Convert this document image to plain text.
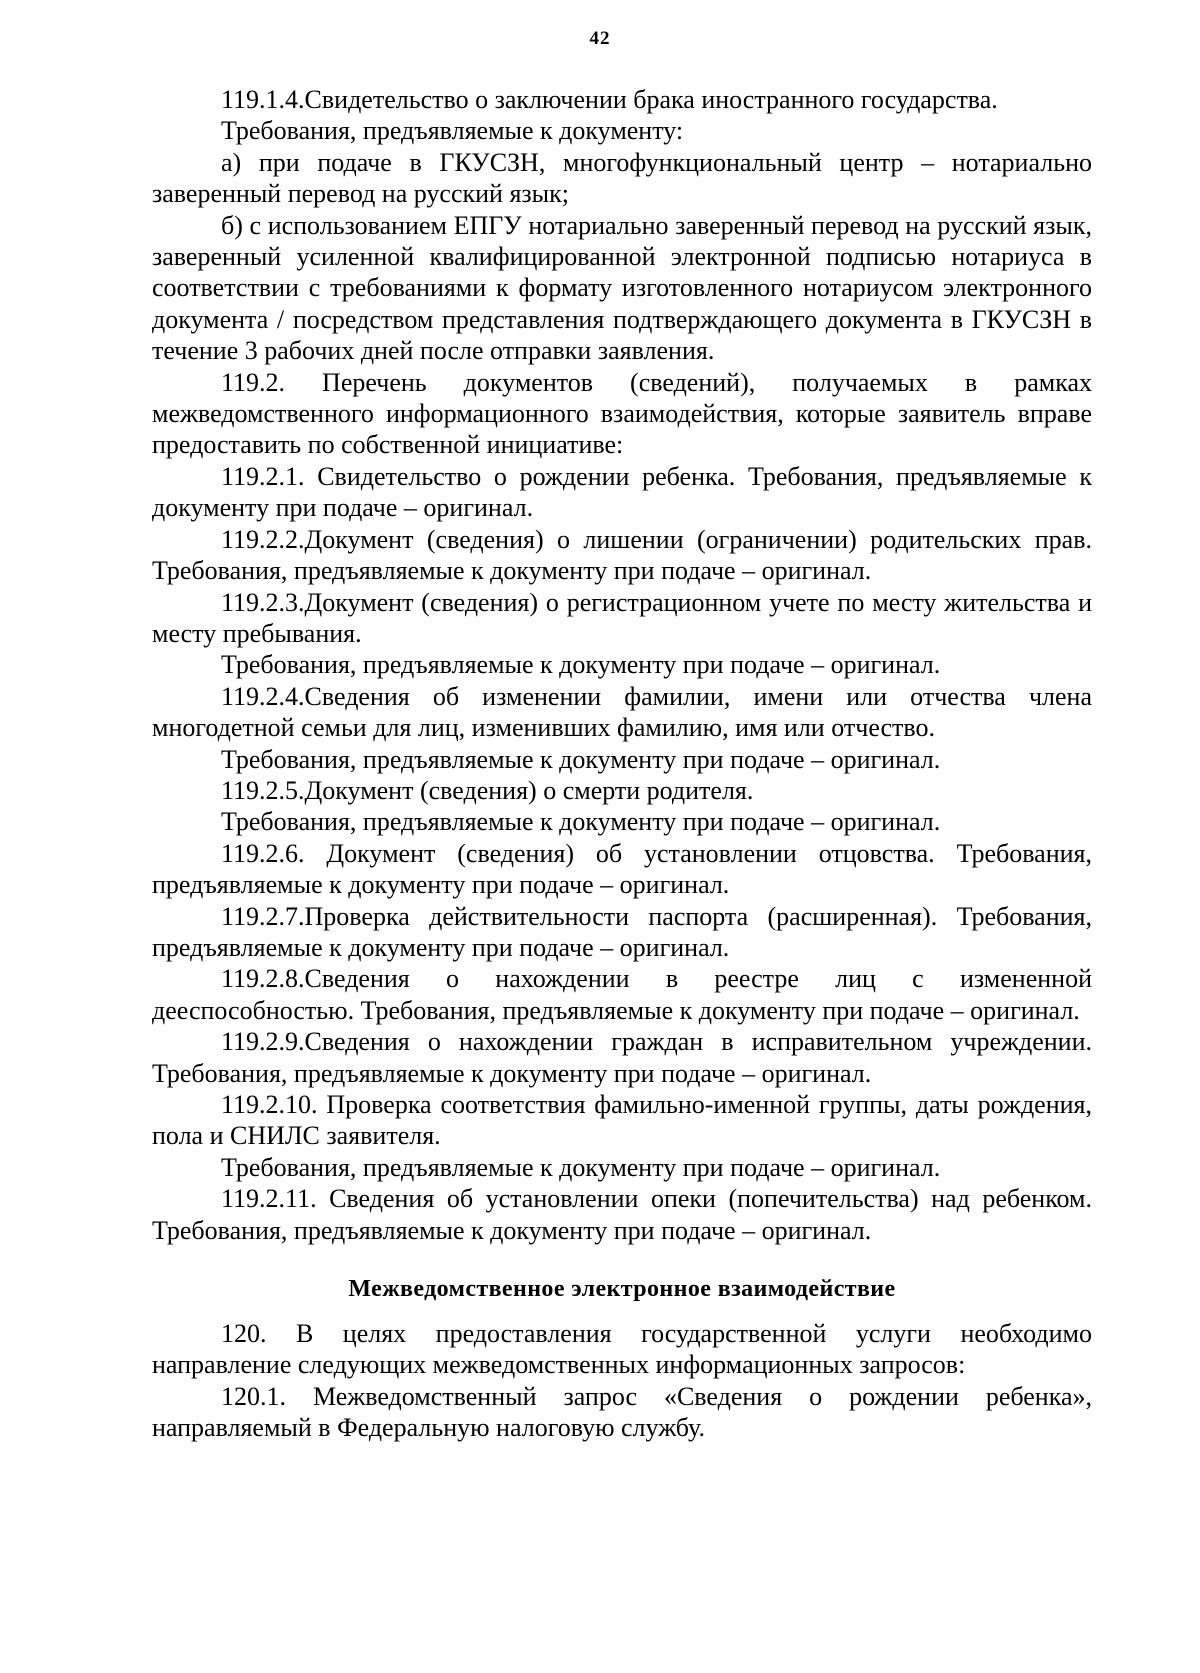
42

119.1.4.Свидетельство о заключении брака иностранного государства.

Требования, предъявляемые к документу:

а) при подаче в ГКУСЗН, многофункциональный центр – нотариально заверенный перевод на русский язык;

б) с использованием ЕПГУ нотариально заверенный перевод на русский язык, заверенный усиленной квалифицированной электронной подписью нотариуса в соответствии с требованиями к формату изготовленного нотариусом электронного документа / посредством представления подтверждающего документа в ГКУСЗН в течение 3 рабочих дней после отправки заявления.

119.2. Перечень документов (сведений), получаемых в рамках межведомственного информационного взаимодействия, которые заявитель вправе предоставить по собственной инициативе:

119.2.1. Свидетельство о рождении ребенка. Требования, предъявляемые к документу при подаче – оригинал.

119.2.2.Документ (сведения) о лишении (ограничении) родительских прав. Требования, предъявляемые к документу при подаче – оригинал.

119.2.3.Документ (сведения) о регистрационном учете по месту жительства и месту пребывания.

Требования, предъявляемые к документу при подаче – оригинал.

119.2.4.Сведения об изменении фамилии, имени или отчества члена многодетной семьи для лиц, изменивших фамилию, имя или отчество.

Требования, предъявляемые к документу при подаче – оригинал.

119.2.5.Документ (сведения) о смерти родителя.

Требования, предъявляемые к документу при подаче – оригинал.

119.2.6. Документ (сведения) об установлении отцовства. Требования, предъявляемые к документу при подаче – оригинал.

119.2.7.Проверка действительности паспорта (расширенная). Требования, предъявляемые к документу при подаче – оригинал.

119.2.8.Сведения о нахождении в реестре лиц с измененной дееспособностью. Требования, предъявляемые к документу при подаче – оригинал.

119.2.9.Сведения о нахождении граждан в исправительном учреждении. Требования, предъявляемые к документу при подаче – оригинал.

119.2.10. Проверка соответствия фамильно-именной группы, даты рождения, пола и СНИЛС заявителя.

Требования, предъявляемые к документу при подаче – оригинал.

119.2.11. Сведения об установлении опеки (попечительства) над ребенком. Требования, предъявляемые к документу при подаче – оригинал.

Межведомственное электронное взаимодействие

120. В целях предоставления государственной услуги необходимо направление следующих межведомственных информационных запросов:

120.1. Межведомственный запрос «Сведения о рождении ребенка», направляемый в Федеральную налоговую службу.
